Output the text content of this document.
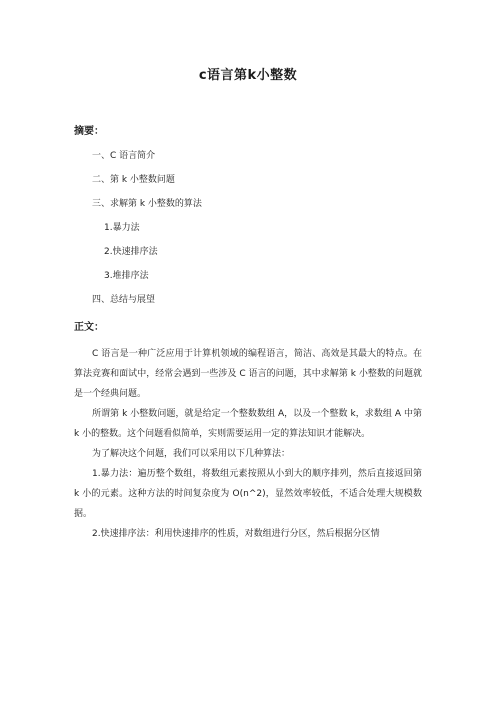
c语言第k小整数
摘要：
一、C 语言简介
二、第 k 小整数问题
三、求解第 k 小整数的算法
1.暴力法
2.快速排序法
3.堆排序法
四、总结与展望
正文：

C 语言是一种广泛应用于计算机领域的编程语言，简洁、高效是其最大的特点。在算法竞赛和面试中，经常会遇到一些涉及 C 语言的问题，其中求解第 k 小整数的问题就是一个经典问题。

所谓第 k 小整数问题，就是给定一个整数数组 A，以及一个整数 k，求数组 A 中第 k 小的整数。这个问题看似简单，实则需要运用一定的算法知识才能解决。

为了解决这个问题，我们可以采用以下几种算法：

1.暴力法：遍历整个数组，将数组元素按照从小到大的顺序排列，然后直接返回第 k 小的元素。这种方法的时间复杂度为 O(n^2)，显然效率较低，不适合处理大规模数据。

2.快速排序法：利用快速排序的性质，对数组进行分区，然后根据分区情
